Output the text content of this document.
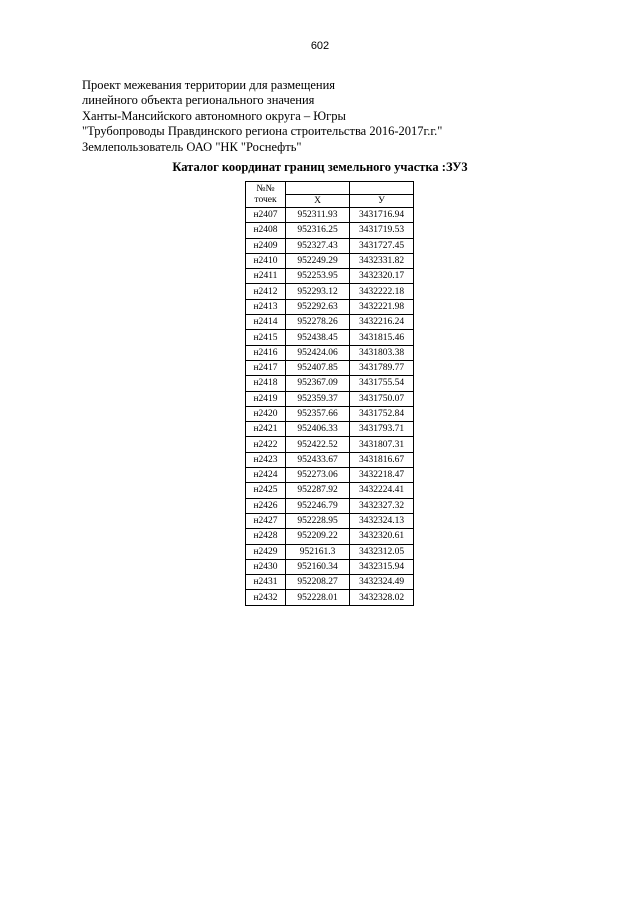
602
Проект межевания территории для размещения
линейного объекта регионального значения
Ханты-Мансийского автономного округа – Югры
"Трубопроводы Правдинского региона строительства 2016-2017г.г."
Землепользователь ОАО "НК "Роснефть"
Каталог координат границ земельного участка :ЗУ3
№№
точек		
	X	У
н2407	952311.93	3431716.94
н2408	952316.25	3431719.53
н2409	952327.43	3431727.45
н2410	952249.29	3432331.82
н2411	952253.95	3432320.17
н2412	952293.12	3432222.18
н2413	952292.63	3432221.98
н2414	952278.26	3432216.24
н2415	952438.45	3431815.46
н2416	952424.06	3431803.38
н2417	952407.85	3431789.77
н2418	952367.09	3431755.54
н2419	952359.37	3431750.07
н2420	952357.66	3431752.84
н2421	952406.33	3431793.71
н2422	952422.52	3431807.31
н2423	952433.67	3431816.67
н2424	952273.06	3432218.47
н2425	952287.92	3432224.41
н2426	952246.79	3432327.32
н2427	952228.95	3432324.13
н2428	952209.22	3432320.61
н2429	952161.3	3432312.05
н2430	952160.34	3432315.94
н2431	952208.27	3432324.49
н2432	952228.01	3432328.02
